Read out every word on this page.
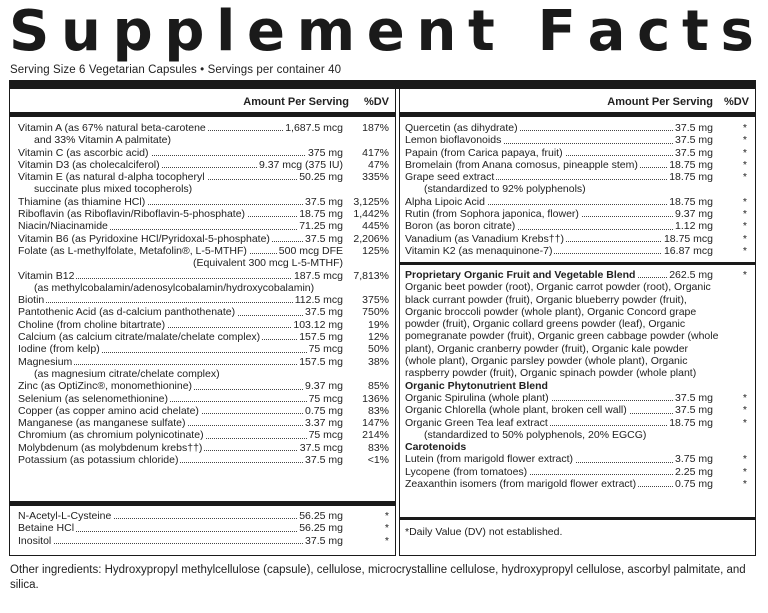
S u p p l e m e n t
F a c t s
Serving Size 6 Vegetarian Capsules • Servings per container 40
Amount Per Serving %DV
Vitamin A (as 67% natural beta-carotene	1,687.5 mcg	187%
and 33% Vitamin A palmitate)
Vitamin C (as ascorbic acid)	375 mg	417%
Vitamin D3 (as cholecalciferol)	9.37 mcg (375 IU)	47%
Vitamin E (as natural d-alpha tocopheryl	50.25 mg	335%
succinate plus mixed tocopherols)
Thiamine (as thiamine HCl)	37.5 mg 3,125%
Riboflavin (as Riboflavin/Riboflavin-5-phosphate)	18.75 mg 1,442%
Niacin/Niacinamide	71.25 mg	445%
Vitamin B6 (as Pyridoxine HCl/Pyridoxal-5-phosphate)	37.5 mg 2,206%
Folate (as L-methylfolate, Metafolin®, L-5-MTHF)	500 mcg DFE	125%
(Equivalent 300 mcg L-5-MTHF)
Vitamin B12	187.5 mcg 7,813%
(as methylcobalamin/adenosylcobalamin/hydroxycobalamin)
Biotin	112.5 mcg	375%
Pantothenic Acid (as d-calcium panthothenate)	37.5 mg	750%
Choline (from choline bitartrate)	103.12 mg	19%
Calcium (as calcium citrate/malate/chelate complex)	157.5 mg	12%
Iodine (from kelp)	75 mcg	50%
Magnesium	157.5 mg	38%
(as magnesium citrate/chelate complex)
Zinc (as OptiZinc®, monomethionine)	9.37 mg	85%
Selenium (as selenomethionine)	75 mcg	136%
Copper (as copper amino acid chelate)	0.75 mg	83%
Manganese (as manganese sulfate)	3.37 mg	147%
Chromium (as chromium polynicotinate)	75 mcg	214%
Molybdenum (as molybdenum krebs††)	37.5 mcg	83%
Potassium (as potassium chloride)	37.5 mg	<1%
N-Acetyl-L-Cysteine	56.25 mg	*
Betaine HCl	56.25 mg	*
Inositol	37.5 mg	*
Amount Per Serving %DV
Quercetin (as dihydrate)	37.5 mg	*
Lemon bioflavonoids	37.5 mg	*
Papain (from Carica papaya, fruit)	37.5 mg	*
Bromelain (from Anana comosus, pineapple stem)	18.75 mg	*
Grape seed extract	18.75 mg	*
(standardized to 92% polyphenols)
Alpha Lipoic Acid	18.75 mg	*
Rutin (from Sophora japonica, flower)	9.37 mg	*
Boron (as boron citrate)	1.12 mg	*
Vanadium (as Vanadium Krebs††)	18.75 mcg	*
Vitamin K2 (as menaquinone-7)	16.87 mcg	*
Proprietary Organic Fruit and Vegetable Blend	262.5 mg	*
Organic beet powder (root), Organic carrot powder (root), Organic
black currant powder (fruit), Organic blueberry powder (fruit),
Organic broccoli powder (whole plant), Organic Concord grape
powder (fruit), Organic collard greens powder (leaf), Organic
pomegranate powder (fruit), Organic green cabbage powder (whole
plant), Organic cranberry powder (fruit), Organic kale powder
(whole plant), Organic parsley powder (whole plant), Organic
raspberry powder (fruit), Organic spinach powder (whole plant)
Organic Phytonutrient Blend
Organic Spirulina (whole plant)	37.5 mg	*
Organic Chlorella (whole plant, broken cell wall)	37.5 mg	*
Organic Green Tea leaf extract	18.75 mg	*
(standardized to 50% polyphenols, 20% EGCG)
Carotenoids
Lutein (from marigold flower extract)	3.75 mg	*
Lycopene (from tomatoes)	2.25 mg	*
Zeaxanthin isomers (from marigold flower extract)	0.75 mg	*
*Daily Value (DV) not established.
Other ingredients: Hydroxypropyl methylcellulose (capsule), cellulose, microcrystalline cellulose, hydroxypropyl cellulose, ascorbyl palmitate, and silica.
